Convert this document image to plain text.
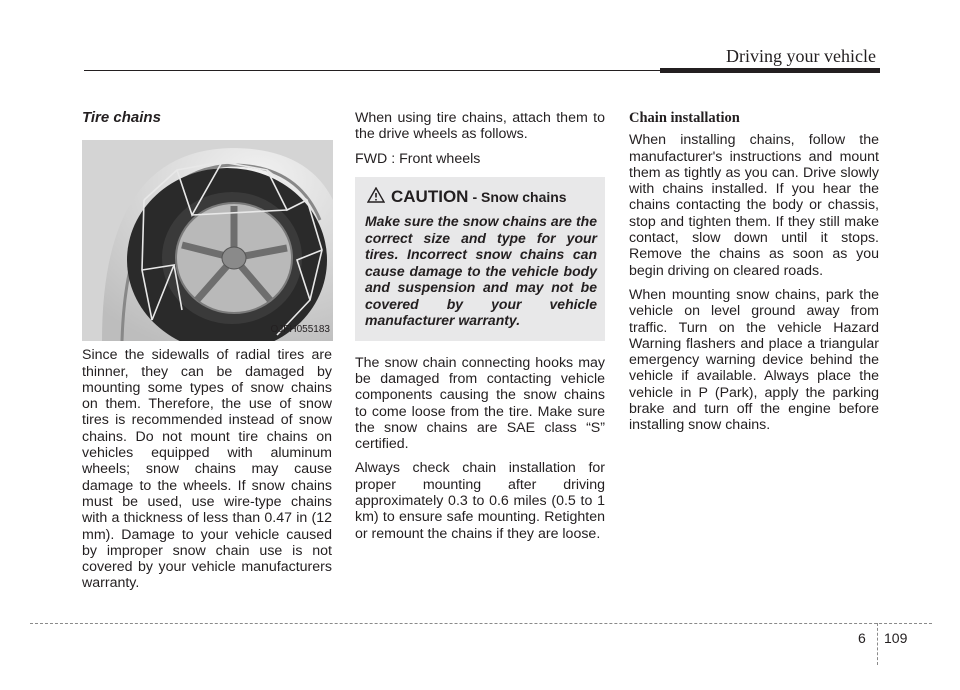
Driving your vehicle
Tire chains
OJFH055183

Since the sidewalls of radial tires are thinner, they can be damaged by mounting some types of snow chains on them. Therefore, the use of snow tires is recommended instead of snow chains. Do not mount tire chains on vehicles equipped with aluminum wheels; snow chains may cause damage to the wheels. If snow chains must be used, use wire-type chains with a thickness of less than 0.47 in (12 mm). Damage to your vehicle caused by improper snow chain use is not covered by your vehicle manufacturers warranty.

When using tire chains, attach them to the drive wheels as follows.

FWD : Front wheels

CAUTION - Snow chains
Make sure the snow chains are the correct size and type for your tires. Incorrect snow chains can cause damage to the vehicle body and suspension and may not be covered by your vehicle manufacturer warranty.

The snow chain connecting hooks may be damaged from contacting vehicle components causing the snow chains to come loose from the tire. Make sure the snow chains are SAE class “S” certified.

Always check chain installation for proper mounting after driving approximately 0.3 to 0.6 miles (0.5 to 1 km) to ensure safe mounting. Retighten or remount the chains if they are loose.

Chain installation

When installing chains, follow the manufacturer's instructions and mount them as tightly as you can. Drive slowly with chains installed. If you hear the chains contacting the body or chassis, stop and tighten them. If they still make contact, slow down until it stops. Remove the chains as soon as you begin driving on cleared roads.

When mounting snow chains, park the vehicle on level ground away from traffic. Turn on the vehicle Hazard Warning flashers and place a triangular emergency warning device behind the vehicle if available. Always place the vehicle in P (Park), apply the parking brake and turn off the engine before installing snow chains.

6 109
